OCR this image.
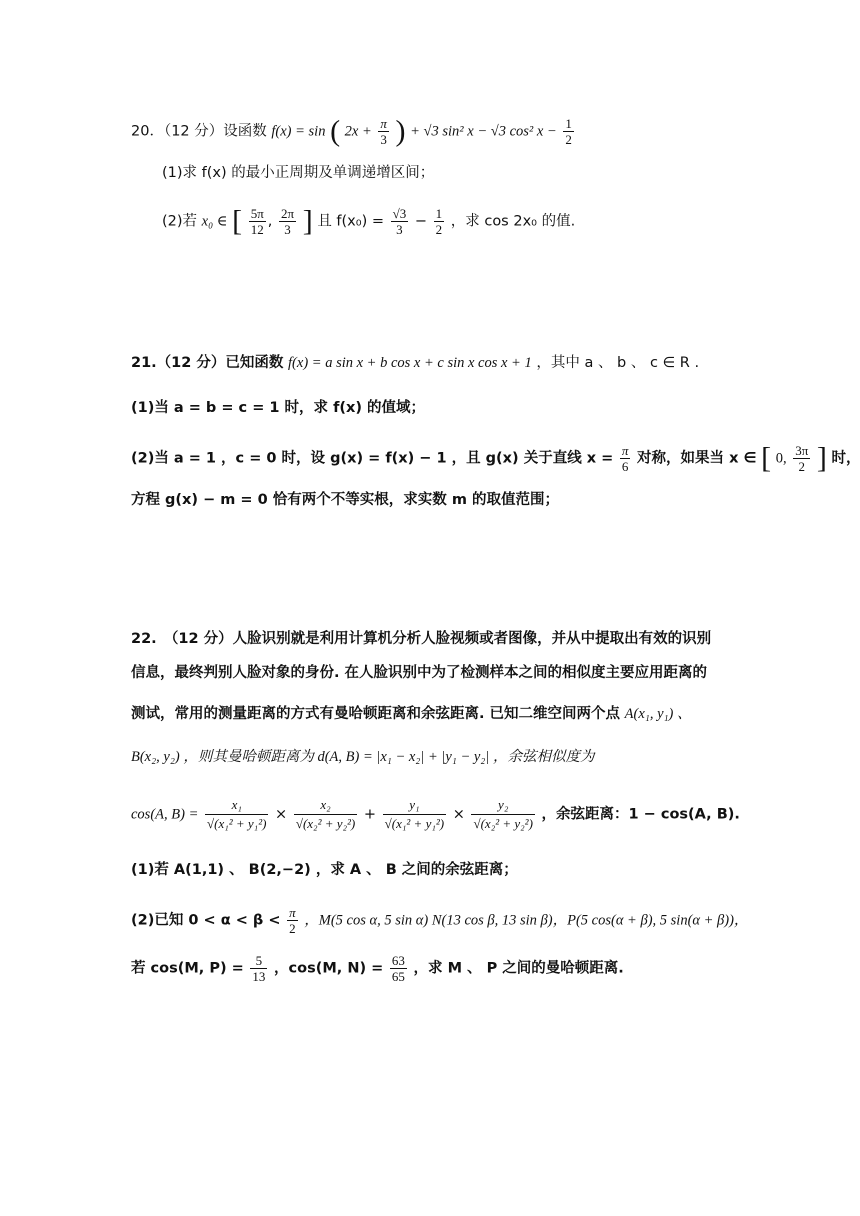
20．（12 分）设函数 f(x) = sin ( $2x + \frac{\pi}{3}$ ) + √3 sin² x − √3 cos² $x - \frac{1}{2}$
(1)求 f(x) 的最小正周期及单调递增区间；
(2)若 x₀ ∈ [ $\frac{5\pi}{12}$ , $\frac{2\pi}{3}$ ] 且 $f(x_0) = \frac{√3}{3} - \frac{1}{2}$ ，求 cos 2x₀ 的值.
21.（12 分）已知函数 f(x) = a sin x + b cos x + c sin x cos x + 1 ，其中 a 、 b 、 c ∈ R .
(1)当 a = b = c = 1 时，求 f(x) 的值域；
(2)当 a = 1 ，c = 0 时，设 g(x) = f(x) − 1 ，且 g(x) 关于直线 $x = \frac{\pi}{6}$ 对称，如果当 x ∈ [ 0, $\frac{3\pi}{2}$ ] 时，
方程 g(x) − m = 0 恰有两个不等实根，求实数 m 的取值范围；
22.　（12 分）人脸识别就是利用计算机分析人脸视频或者图像，并从中提取出有效的识别
信息，最终判别人脸对象的身份. 在人脸识别中为了检测样本之间的相似度主要应用距离的
测试，常用的测量距离的方式有曼哈顿距离和余弦距离. 已知二维空间两个点 A(x₁, y₁) 、
B(x₂, y₂) ，则其曼哈顿距离为 d(A, B) = |x₁ − x₂| + |y₁ − y₂| ，余弦相似度为
cos(A, $B) = \frac{\text{x₁}}{\text{√(x₁² + y₁²)}} \times \frac{\text{x₂}}{\text{√(x₂² + y₂²)}} + \frac{\text{y₁}}{\text{√(x₁² + y₁²)}} \times \frac{\text{y₂}}{\text{√(x₂² + y₂²)}}$ ，余弦距离：1 − cos(A, B).
(1)若 A(1,1) 、 B(2,−2) ，求 A 、 B 之间的余弦距离；
(2)已知 $0 < \alpha < \beta < \frac{\pi}{2}$ ，M(5 cos α, 5 sin α) N(13 cos β, 13 sin β)，P(5 cos(α + β), 5 sin(α + β))，
若 cos(M, $P) = \frac{5}{13}$ ，cos(M, $N) = \frac{63}{65}$ ，求 M 、 P 之间的曼哈顿距离.
